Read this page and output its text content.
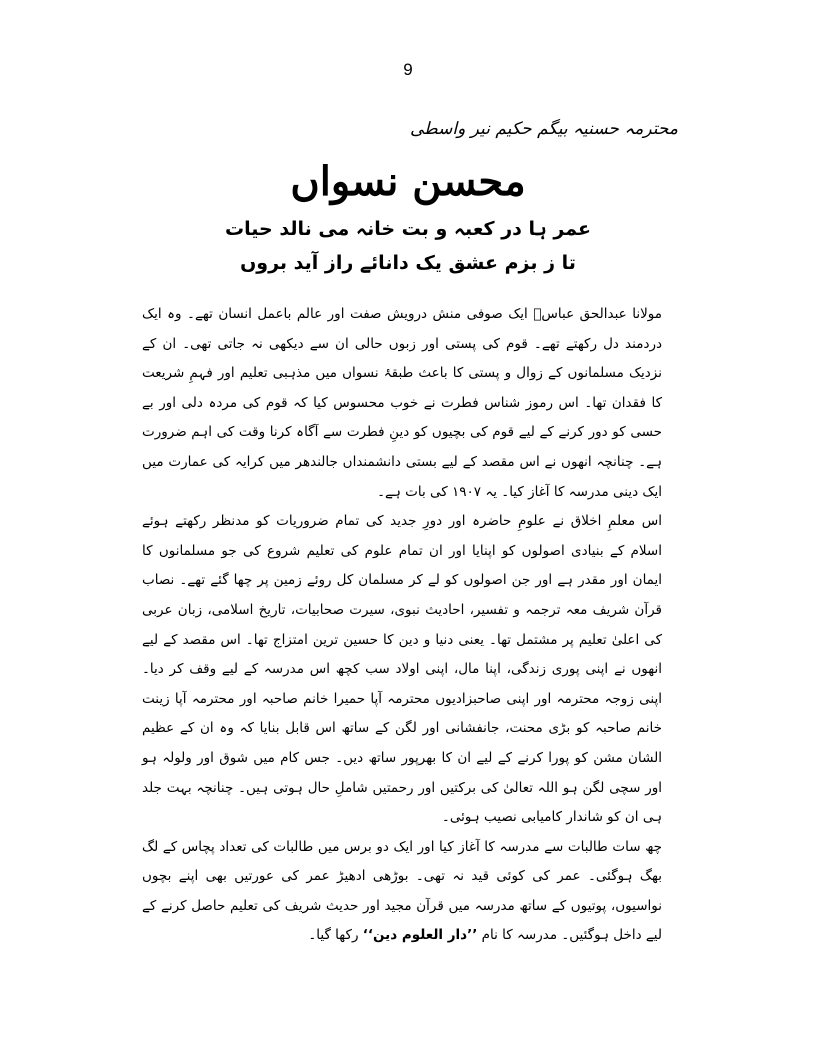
9
محترمہ حسنیہ بیگم حکیم نیر واسطی
محسن نسواں
عمر ہا در کعبہ و بت خانہ می نالد حیات
تا ز بزم عشق یک دانائے راز آید بروں

مولانا عبدالحق عباسؒ ایک صوفی منش درویش صفت اور عالم باعمل انسان تھے۔ وہ ایک دردمند دل رکھتے تھے۔ قوم کی پستی اور زبوں حالی ان سے دیکھی نہ جاتی تھی۔ ان کے نزدیک مسلمانوں کے زوال و پستی کا باعث طبقۂ نسواں میں مذہبی تعلیم اور فہمِ شریعت کا فقدان تھا۔ اس رموز شناس فطرت نے خوب محسوس کیا کہ قوم کی مردہ دلی اور بے حسی کو دور کرنے کے لیے قوم کی بچیوں کو دینِ فطرت سے آگاہ کرنا وقت کی اہم ضرورت ہے۔ چنانچہ انھوں نے اس مقصد کے لیے بستی دانشمنداں جالندھر میں کرایہ کی عمارت میں ایک دینی مدرسہ کا آغاز کیا۔ یہ ۱۹۰۷ کی بات ہے۔

اس معلمِ اخلاق نے علومِ حاضرہ اور دورِ جدید کی تمام ضروریات کو مدنظر رکھتے ہوئے اسلام کے بنیادی اصولوں کو اپنایا اور ان تمام علوم کی تعلیم شروع کی جو مسلمانوں کا ایمان اور مقدر ہے اور جن اصولوں کو لے کر مسلمان کل روئے زمین پر چھا گئے تھے۔ نصاب قرآن شریف معہ ترجمہ و تفسیر، احادیث نبوی، سیرت صحابیات، تاریخ اسلامی، زبان عربی کی اعلیٰ تعلیم پر مشتمل تھا۔ یعنی دنیا و دین کا حسین ترین امتزاج تھا۔ اس مقصد کے لیے انھوں نے اپنی پوری زندگی، اپنا مال، اپنی اولاد سب کچھ اس مدرسہ کے لیے وقف کر دیا۔ اپنی زوجہ محترمہ اور اپنی صاحبزادیوں محترمہ آپا حمیرا خانم صاحبہ اور محترمہ آپا زینت خانم صاحبہ کو بڑی محنت، جانفشانی اور لگن کے ساتھ اس قابل بنایا کہ وہ ان کے عظیم الشان مشن کو پورا کرنے کے لیے ان کا بھرپور ساتھ دیں۔ جس کام میں شوق اور ولولہ ہو اور سچی لگن ہو اللہ تعالیٰ کی برکتیں اور رحمتیں شاملِ حال ہوتی ہیں۔ چنانچہ بہت جلد ہی ان کو شاندار کامیابی نصیب ہوئی۔

چھ سات طالبات سے مدرسہ کا آغاز کیا اور ایک دو برس میں طالبات کی تعداد پچاس کے لگ بھگ ہوگئی۔ عمر کی کوئی قید نہ تھی۔ بوڑھی ادھیڑ عمر کی عورتیں بھی اپنے بچوں نواسیوں، پوتیوں کے ساتھ مدرسہ میں قرآن مجید اور حدیث شریف کی تعلیم حاصل کرنے کے لیے داخل ہوگئیں۔ مدرسہ کا نام ’’دار العلوم دین‘‘ رکھا گیا۔
